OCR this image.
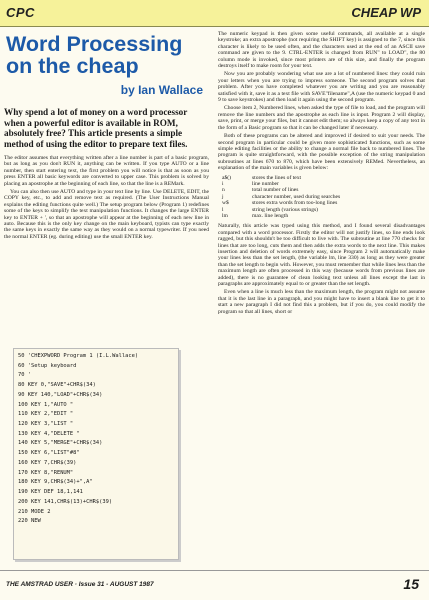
CPC	CHEAP WP
Word Processing on the cheap
by Ian Wallace
Why spend a lot of money on a word processor when a powerful editor is available in ROM, absolutely free? This article presents a simple method of using the editor to prepare text files.

The editor assumes that everything written after a line number is part of a basic program, but as long as you don't RUN it, anything can be written. If you type AUTO or a line number, then start entering text, the first problem you will notice is that as soon as you press ENTER all basic keywords are converted to upper case. This problem is solved by placing an apostrophe at the beginning of each line, so that the line is a REMark.

You can also then use AUTO and type in your text line by line. Use DELETE, EDIT, the COPY key, etc., to add and remove text as required. (The User Instructions Manual explains the editing functions quite well.) The setup program below (Program 1) redefines some of the keys to simplify the text manipulation functions. It changes the large ENTER key to ENTER + ', so that an apostrophe will appear at the beginning of each new line in auto. Because this is the only key change on the main keyboard, typists can type exactly the same keys in exactly the same way as they would on a normal typewriter. If you need the normal ENTER (eg. during editing) use the small ENTER key.

50 'CHEXPWORD Program 1 (I.L.Wallace)
60 'Setup keyboard
70 '
80 KEY 0,"SAVE"+CHR$(34)
90 KEY 140,"LOAD"+CHR$(34)
100 KEY 1,"AUTO "
110 KEY 2,"EDIT "
120 KEY 3,"LIST "
130 KEY 4,"DELETE "
140 KEY 5,"MERGE"+CHR$(34)
150 KEY 6,"LIST"#8"
160 KEY 7,CHR$(39)
170 KEY 8,"RENUM"
180 KEY 9,CHR$(34)+",A"
190 KEY DEF 18,1,141
200 KEY 141,CHR$(13)+CHR$(39)
210 MODE 2
220 NEW

The numeric keypad is then given some useful commands, all available at a single keystroke; an extra apostrophe (not requiring the SHIFT key) is assigned to the 7, since this character is likely to be used often, and the characters used at the end of an ASCII save command are given to the 9. CTRL-ENTER is changed from RUN" to LOAD", the 80 column mode is invoked, since most printers are of this size, and finally the program destroys itself to make room for your text.

Now you are probably wondering what use are a lot of numbered lines: they could ruin your letters when you are trying to impress someone. The second program solves that problem. After you have completed whatever you are writing and you are reasonably satisfied with it, save it as a text file with SAVE"filename",A (use the numeric keypad 0 and 9 to save keystrokes) and then load it again using the second program.

Choose item 2, Numbered lines, when asked the type of file to load, and the program will remove the line numbers and the apostrophe as each line is input. Program 2 will display, save, print, or merge your files, but it cannot edit them; so always keep a copy of any text in the form of a Basic program so that it can be changed later if necessary.

Both of these programs can be altered and improved if desired to suit your needs. The second program in particular could be given more sophisticated functions, such as some simple editing facilities or the ability to change a normal file back to numbered lines. The program is quite straightforward, with the possible exception of the string manipulation subroutines at lines 670 to 870, which have been extensively REMed. Nevertheless, an explanation of the main variables is given below:

a$()	stores the lines of text
i	line number
n	total number of lines
j	character number, used during searches
w$	stores extra words from too-long lines
l	string length (various strings)
lm	max. line length

Naturally, this article was typed using this method, and I found several disadvantages compared with a word processor. Firstly the editor will not justify lines, so line ends look ragged, but this shouldn't be too difficult to live with. The subroutine at line 770 checks for lines that are too long, cuts them and then adds the extra words to the next line. This makes insertion and deletion of words extremely easy, since Program 2 will automatically make your lines less than the set length, (the variable lm, line 330) as long as they were greater than the set length to begin with. However, you must remember that while lines less than the maximum length are often processed in this way (because words from previous lines are added), there is no guarantee of clean looking text unless all lines except the last in paragraphs are approximately equal to or greater than the set length.

Even when a line is much less than the maximum length, the program might not assume that it is the last line in a paragraph, and you might have to insert a blank line to get it to start a new paragraph I did not find this a problem, but if you do, you could modify the program so that all lines, short or

THE AMSTRAD USER · Issue 31 - AUGUST 1987	15
